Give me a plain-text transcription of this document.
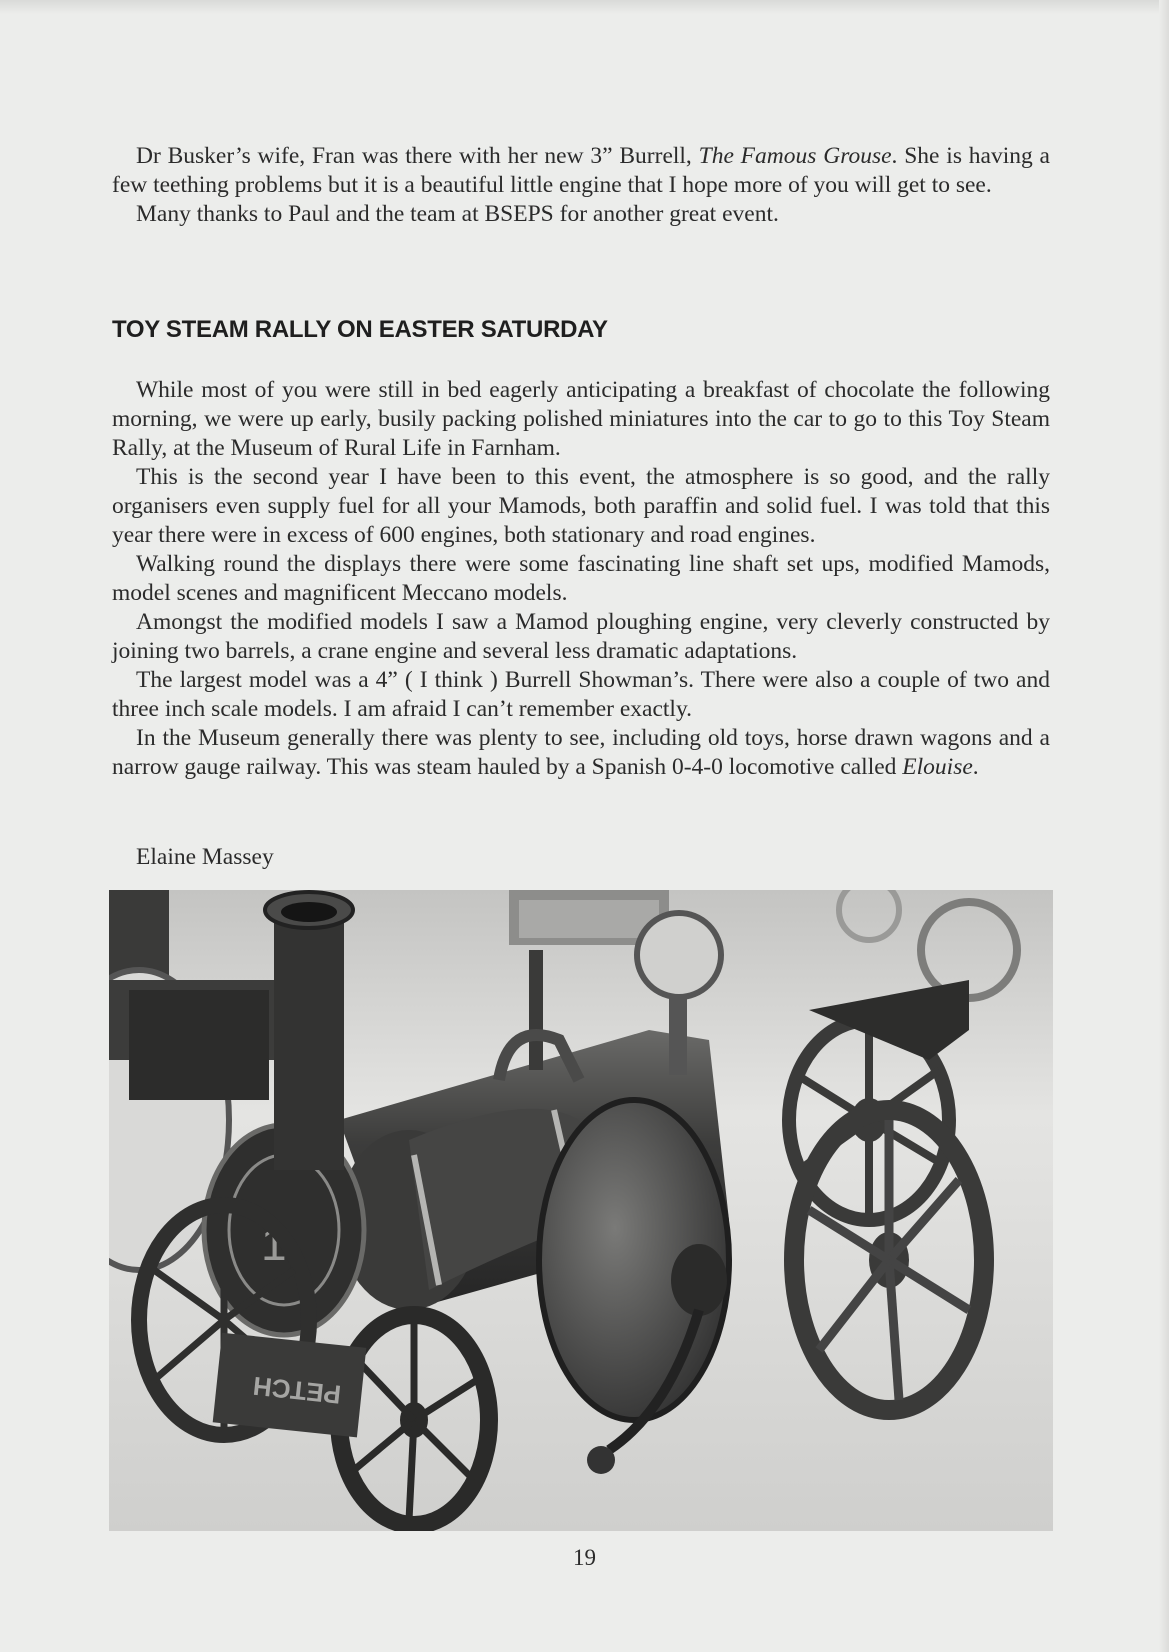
Dr Busker’s wife, Fran was there with her new 3” Burrell, The Famous Grouse. She is having a few teething problems but it is a beautiful little engine that I hope more of you will get to see.

Many thanks to Paul and the team at BSEPS for another great event.

TOY STEAM RALLY ON EASTER SATURDAY

While most of you were still in bed eagerly anticipating a breakfast of chocolate the following morning, we were up early, busily packing polished miniatures into the car to go to this Toy Steam Rally, at the Museum of Rural Life in Farnham.

This is the second year I have been to this event, the atmosphere is so good, and the rally organisers even supply fuel for all your Mamods, both paraffin and solid fuel. I was told that this year there were in excess of 600 engines, both stationary and road engines.

Walking round the displays there were some fascinating line shaft set ups, modified Mamods, model scenes and magnificent Meccano models.

Amongst the modified models I saw a Mamod ploughing engine, very cleverly constructed by joining two barrels, a crane engine and several less dramatic adaptations.

The largest model was a 4” ( I think ) Burrell Showman’s. There were also a couple of two and three inch scale models. I am afraid I can’t remember exactly.

In the Museum generally there was plenty to see, including old toys, horse drawn wagons and a narrow gauge railway. This was steam hauled by a Spanish 0-4-0 locomotive called Elouise.

Elaine Massey
1
PETCH
19
